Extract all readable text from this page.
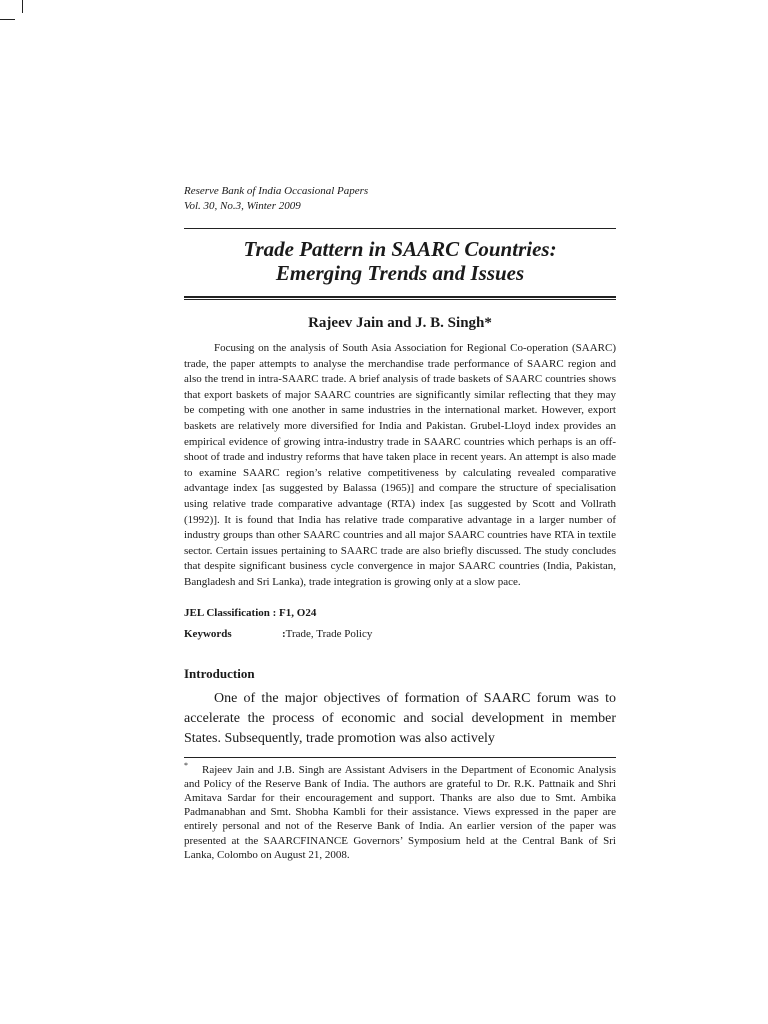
Reserve Bank of India Occasional Papers

Vol. 30, No.3, Winter 2009

Trade Pattern in SAARC Countries:
Emerging Trends and Issues

Rajeev Jain and J. B. Singh*

Focusing on the analysis of South Asia Association for Regional Co-operation (SAARC) trade, the paper attempts to analyse the merchandise trade performance of SAARC region and also the trend in intra-SAARC trade. A brief analysis of trade baskets of SAARC countries shows that export baskets of major SAARC countries are significantly similar reflecting that they may be competing with one another in same industries in the international market. However, export baskets are relatively more diversified for India and Pakistan. Grubel-Lloyd index provides an empirical evidence of growing intra-industry trade in SAARC countries which perhaps is an off-shoot of trade and industry reforms that have taken place in recent years. An attempt is also made to examine SAARC region’s relative competitiveness by calculating revealed comparative advantage index [as suggested by Balassa (1965)] and compare the structure of specialisation using relative trade comparative advantage (RTA) index [as suggested by Scott and Vollrath (1992)]. It is found that India has relative trade comparative advantage in a larger number of industry groups than other SAARC countries and all major SAARC countries have RTA in textile sector. Certain issues pertaining to SAARC trade are also briefly discussed. The study concludes that despite significant business cycle convergence in major SAARC countries (India, Pakistan, Bangladesh and Sri Lanka), trade integration is growing only at a slow pace.

JEL Classification :
F1, O24

Keywords	: Trade, Trade Policy

Introduction

One of the major objectives of formation of SAARC forum was to accelerate the process of economic and social development in member States. Subsequently, trade promotion was also actively

* Rajeev Jain and J.B. Singh are Assistant Advisers in the Department of Economic Analysis and Policy of the Reserve Bank of India. The authors are grateful to Dr. R.K. Pattnaik and Shri Amitava Sardar for their encouragement and support. Thanks are also due to Smt. Ambika Padmanabhan and Smt. Shobha Kambli for their assistance. Views expressed in the paper are entirely personal and not of the Reserve Bank of India. An earlier version of the paper was presented at the SAARCFINANCE Governors’ Symposium held at the Central Bank of Sri Lanka, Colombo on August 21, 2008.
